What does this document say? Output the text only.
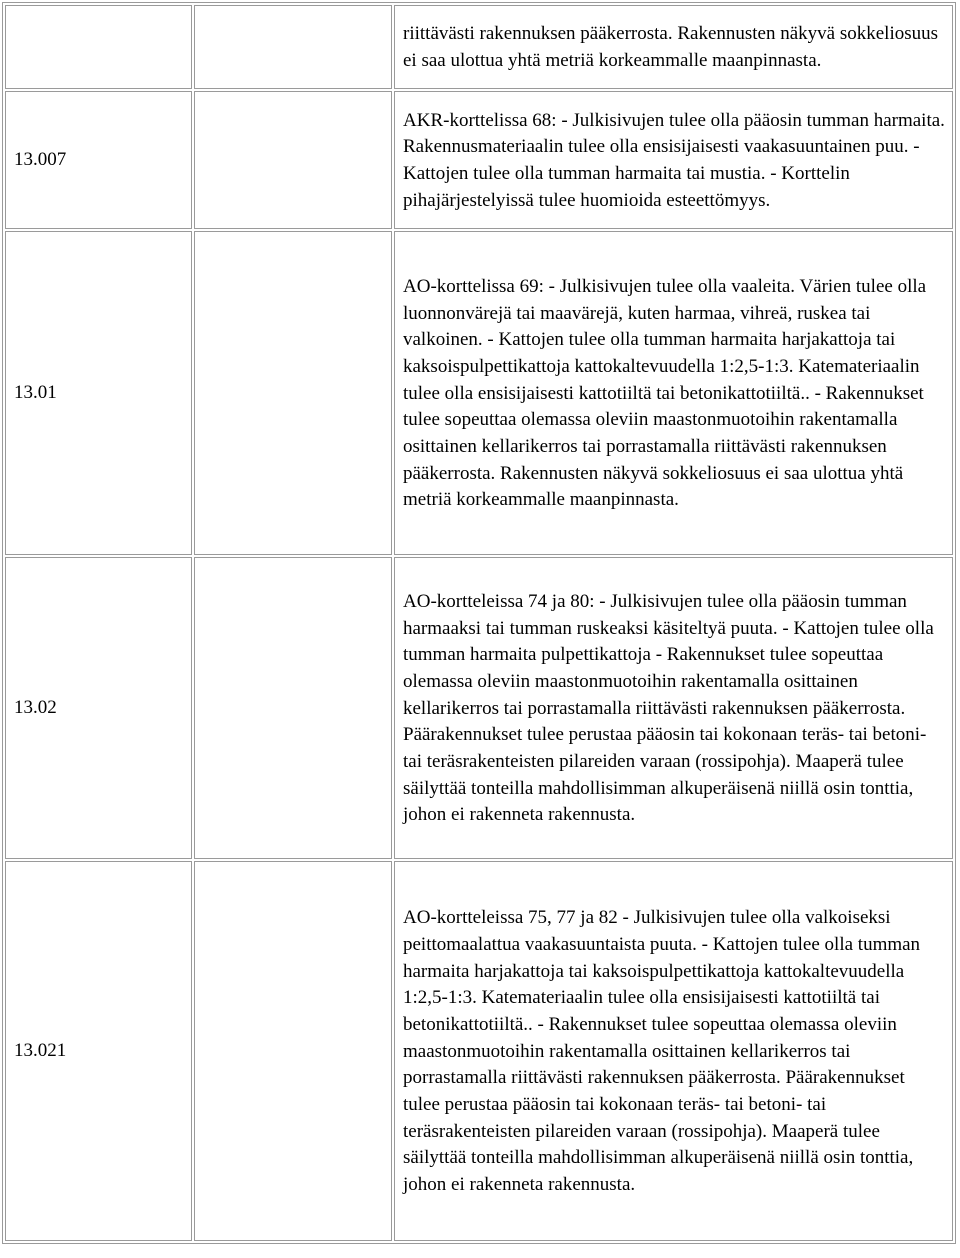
		riittävästi rakennuksen pääkerrosta. Rakennusten näkyvä sokkeliosuus ei saa ulottua yhtä metriä korkeammalle maanpinnasta.

13.007		AKR-korttelissa 68: - Julkisivujen tulee olla pääosin tumman harmaita. Rakennusmateriaalin tulee olla ensisijaisesti vaakasuuntainen puu. - Kattojen tulee olla tumman harmaita tai mustia. - Korttelin pihajärjestelyissä tulee huomioida esteettömyys.

13.01		AO-korttelissa 69: - Julkisivujen tulee olla vaaleita. Värien tulee olla luonnonvärejä tai maavärejä, kuten harmaa, vihreä, ruskea tai valkoinen. - Kattojen tulee olla tumman harmaita harjakattoja tai kaksoispulpettikattoja kattokaltevuudella 1:2,5-1:3. Katemateriaalin tulee olla ensisijaisesti kattotiiltä tai betonikattotiiltä.. - Rakennukset tulee sopeuttaa olemassa oleviin maastonmuotoihin rakentamalla osittainen kellarikerros tai porrastamalla riittävästi rakennuksen pääkerrosta. Rakennusten näkyvä sokkeliosuus ei saa ulottua yhtä metriä korkeammalle maanpinnasta.

13.02		AO-kortteleissa 74 ja 80: - Julkisivujen tulee olla pääosin tumman harmaaksi tai tumman ruskeaksi käsiteltyä puuta. - Kattojen tulee olla tumman harmaita pulpettikattoja - Rakennukset tulee sopeuttaa olemassa oleviin maastonmuotoihin rakentamalla osittainen kellarikerros tai porrastamalla riittävästi rakennuksen pääkerrosta. Päärakennukset tulee perustaa pääosin tai kokonaan teräs- tai betoni- tai teräsrakenteisten pilareiden varaan (rossipohja). Maaperä tulee säilyttää tonteilla mahdollisimman alkuperäisenä niillä osin tonttia, johon ei rakenneta rakennusta.

13.021		AO-kortteleissa 75, 77 ja 82 - Julkisivujen tulee olla valkoiseksi peittomaalattua vaakasuuntaista puuta. - Kattojen tulee olla tumman harmaita harjakattoja tai kaksoispulpettikattoja kattokaltevuudella 1:2,5-1:3. Katemateriaalin tulee olla ensisijaisesti kattotiiltä tai betonikattotiiltä.. - Rakennukset tulee sopeuttaa olemassa oleviin maastonmuotoihin rakentamalla osittainen kellarikerros tai porrastamalla riittävästi rakennuksen pääkerrosta. Päärakennukset tulee perustaa pääosin tai kokonaan teräs- tai betoni- tai teräsrakenteisten pilareiden varaan (rossipohja). Maaperä tulee säilyttää tonteilla mahdollisimman alkuperäisenä niillä osin tonttia, johon ei rakenneta rakennusta.
